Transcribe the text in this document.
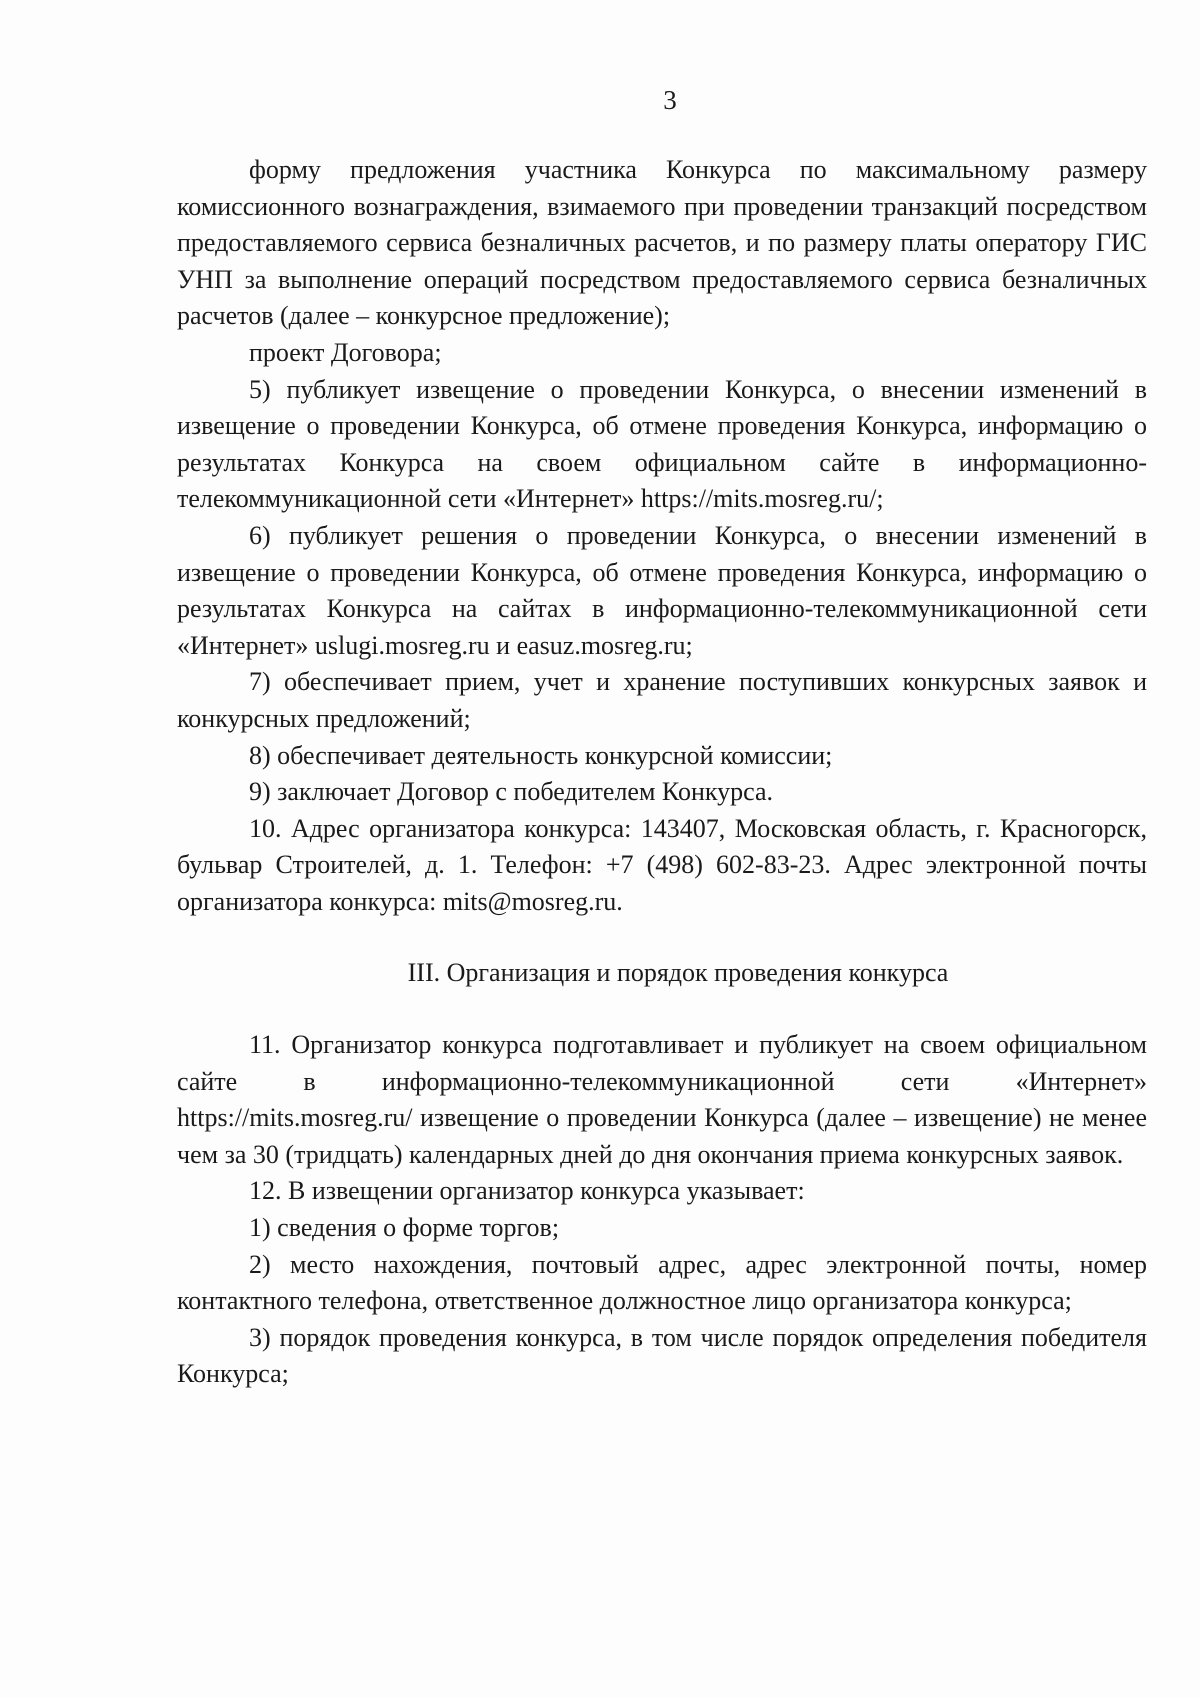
3

форму предложения участника Конкурса по максимальному размеру комиссионного вознаграждения, взимаемого при проведении транзакций посредством предоставляемого сервиса безналичных расчетов, и по размеру платы оператору ГИС УНП за выполнение операций посредством предоставляемого сервиса безналичных расчетов (далее – конкурсное предложение);

проект Договора;

5) публикует извещение о проведении Конкурса, о внесении изменений в извещение о проведении Конкурса, об отмене проведения Конкурса, информацию о результатах Конкурса на своем официальном сайте в информационно-телекоммуникационной сети «Интернет» https://mits.mosreg.ru/;

6) публикует решения о проведении Конкурса, о внесении изменений в извещение о проведении Конкурса, об отмене проведения Конкурса, информацию о результатах Конкурса на сайтах в информационно-телекоммуникационной сети «Интернет» uslugi.mosreg.ru и easuz.mosreg.ru;

7) обеспечивает прием, учет и хранение поступивших конкурсных заявок и конкурсных предложений;

8) обеспечивает деятельность конкурсной комиссии;

9) заключает Договор с победителем Конкурса.

10. Адрес организатора конкурса: 143407, Московская область, г. Красногорск, бульвар Строителей, д. 1. Телефон: +7 (498) 602-83-23. Адрес электронной почты организатора конкурса: mits@mosreg.ru.

III. Организация и порядок проведения конкурса

11. Организатор конкурса подготавливает и публикует на своем официальном сайте в информационно-телекоммуникационной сети «Интернет» https://mits.mosreg.ru/ извещение о проведении Конкурса (далее – извещение) не менее чем за 30 (тридцать) календарных дней до дня окончания приема конкурсных заявок.

12. В извещении организатор конкурса указывает:

1) сведения о форме торгов;

2) место нахождения, почтовый адрес, адрес электронной почты, номер контактного телефона, ответственное должностное лицо организатора конкурса;

3) порядок проведения конкурса, в том числе порядок определения победителя Конкурса;
